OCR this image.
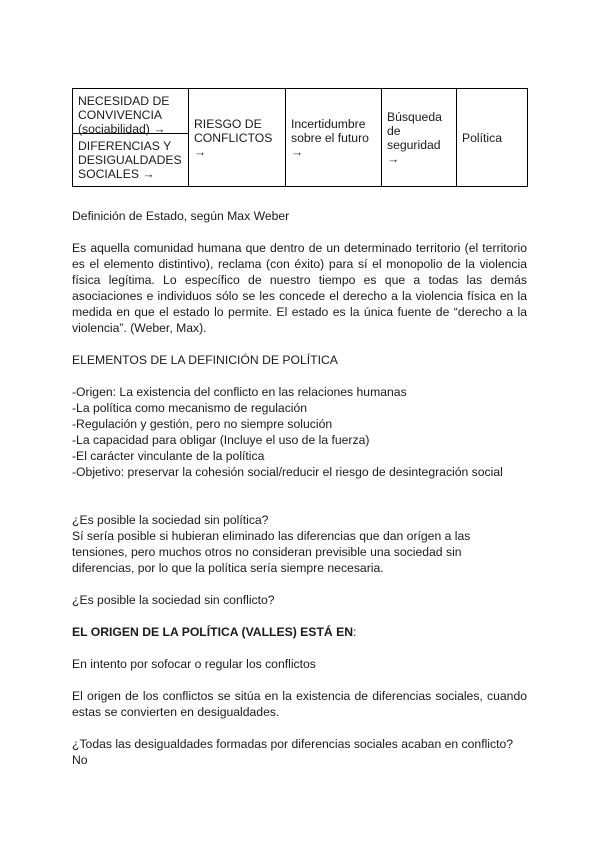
NECESIDAD DE CONVIVENCIA (sociabilidad) →
DIFERENCIAS Y DESIGUALDADES SOCIALES →
	RIESGO DE CONFLICTOS →	Incertidumbre sobre el futuro →	Búsqueda de seguridad →	Política

Definición de Estado, según Max Weber

Es aquella comunidad humana que dentro de un determinado territorio (el territorio es el elemento distintivo), reclama (con éxito) para sí el monopolio de la violencia física legítima. Lo específico de nuestro tiempo es que a todas las demás asociaciones e individuos sólo se les concede el derecho a la violencia física en la medida en que el estado lo permite. El estado es la única fuente de “derecho a la violencia”. (Weber, Max).

ELEMENTOS DE LA DEFINICIÓN DE POLÍTICA

-Origen: La existencia del conflicto en las relaciones humanas
-La política como mecanismo de regulación
-Regulación y gestión, pero no siempre solución
-La capacidad para obligar (Incluye el uso de la fuerza)
-El carácter vinculante de la política
-Objetivo: preservar la cohesión social/reducir el riesgo de desintegración social

¿Es posible la sociedad sin política?

Sí sería posible si hubieran eliminado las diferencias que dan orígen a las tensiones, pero muchos otros no consideran previsible una sociedad sin diferencias, por lo que la política sería siempre necesaria.

¿Es posible la sociedad sin conflicto?

EL ORIGEN DE LA POLÍTICA (VALLES) ESTÁ EN:

En intento por sofocar o regular los conflictos

El origen de los conflictos se sitúa en la existencia de diferencias sociales, cuando estas se convierten en desigualdades.

¿Todas las desigualdades formadas por diferencias sociales acaban en conflicto?

No
